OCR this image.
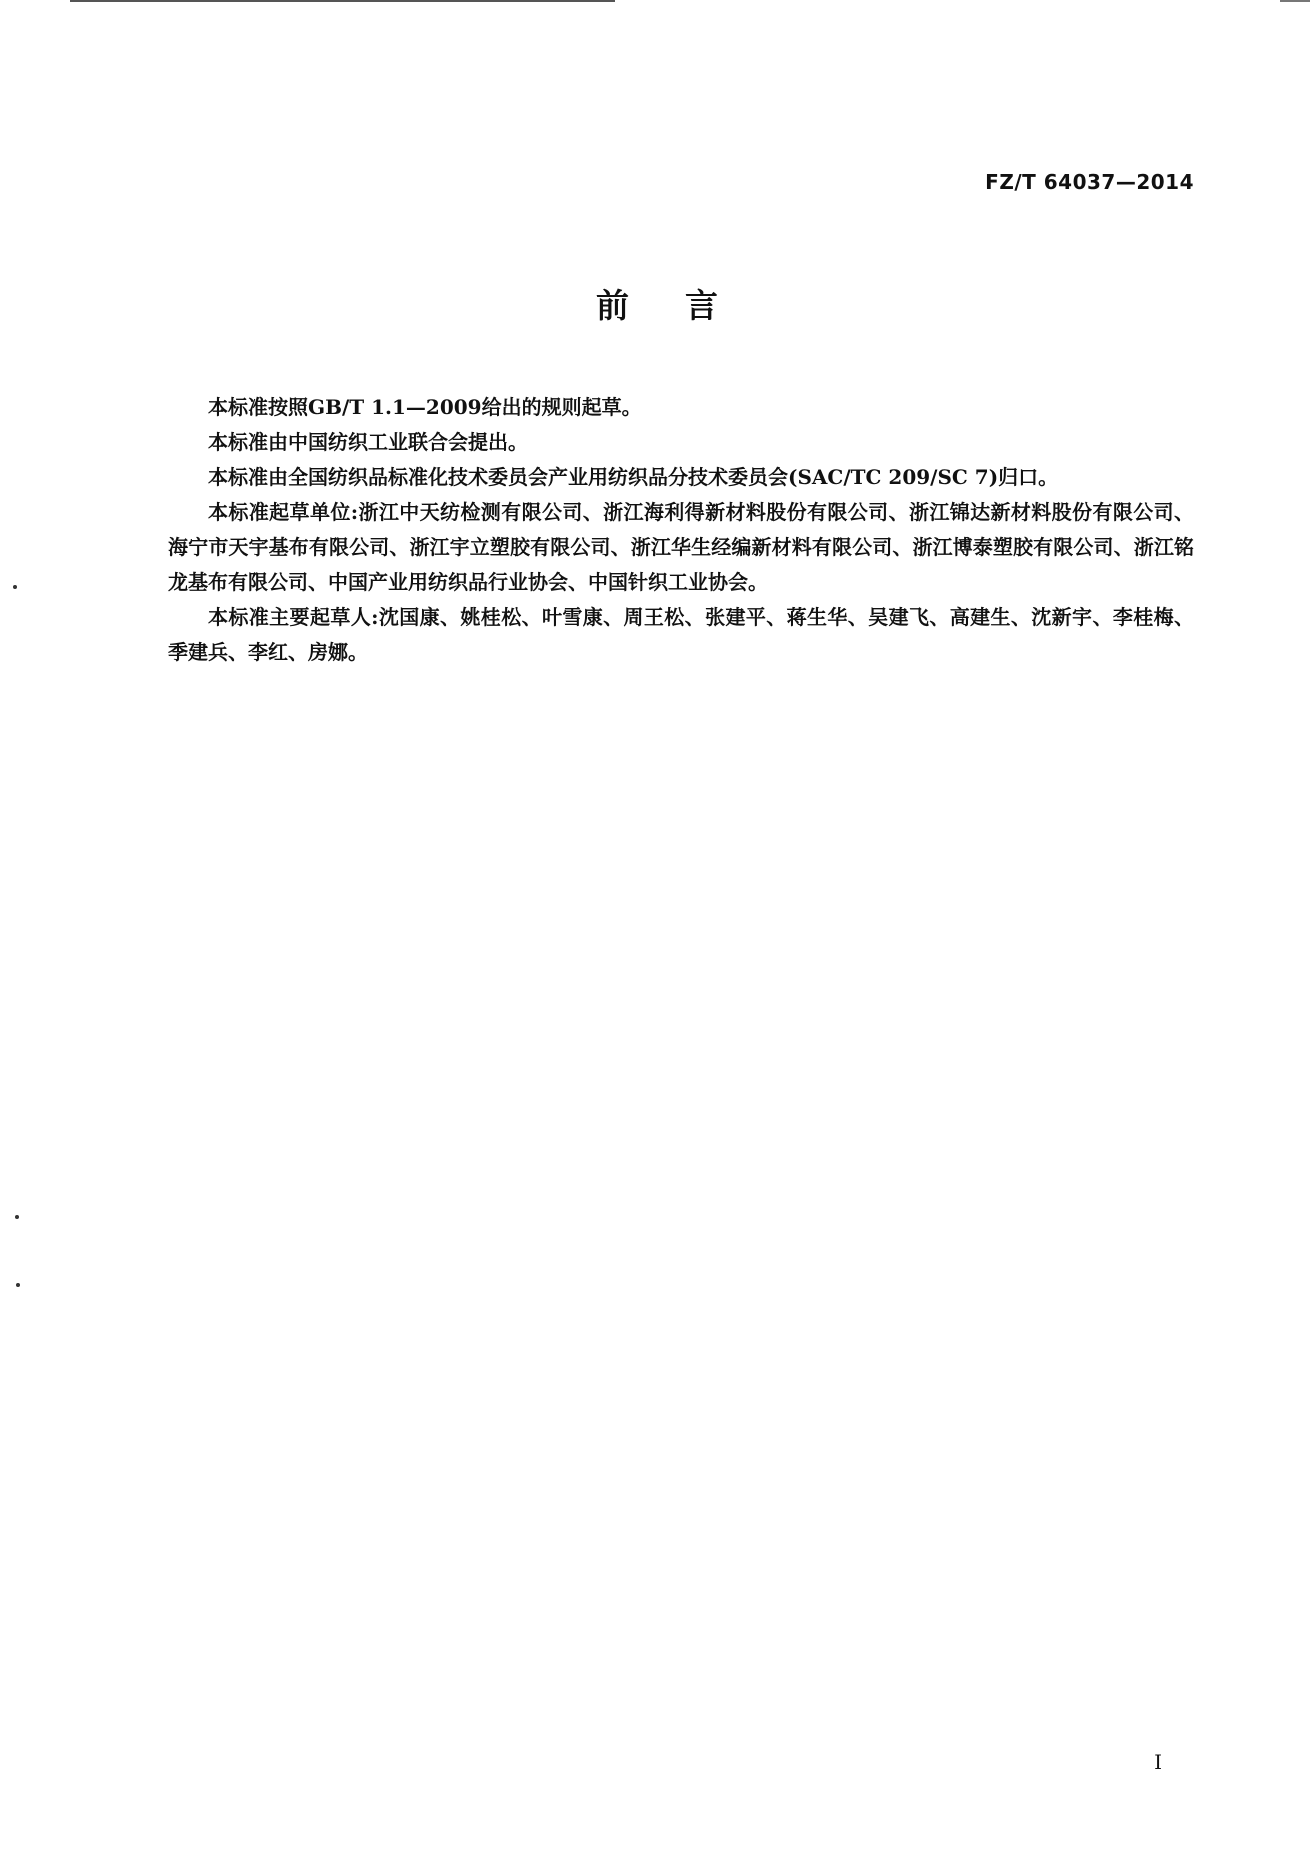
FZ/T 64037—2014
前言

本标准按照GB/T 1.1—2009给出的规则起草。

本标准由中国纺织工业联合会提出。

本标准由全国纺织品标准化技术委员会产业用纺织品分技术委员会(SAC/TC 209/SC 7)归口。

本标准起草单位:浙江中天纺检测有限公司、浙江海利得新材料股份有限公司、浙江锦达新材料股份有限公司、海宁市天宇基布有限公司、浙江宇立塑胶有限公司、浙江华生经编新材料有限公司、浙江博泰塑胶有限公司、浙江铭龙基布有限公司、中国产业用纺织品行业协会、中国针织工业协会。

本标准主要起草人:沈国康、姚桂松、叶雪康、周王松、张建平、蒋生华、吴建飞、高建生、沈新宇、李桂梅、季建兵、李红、房娜。

I
